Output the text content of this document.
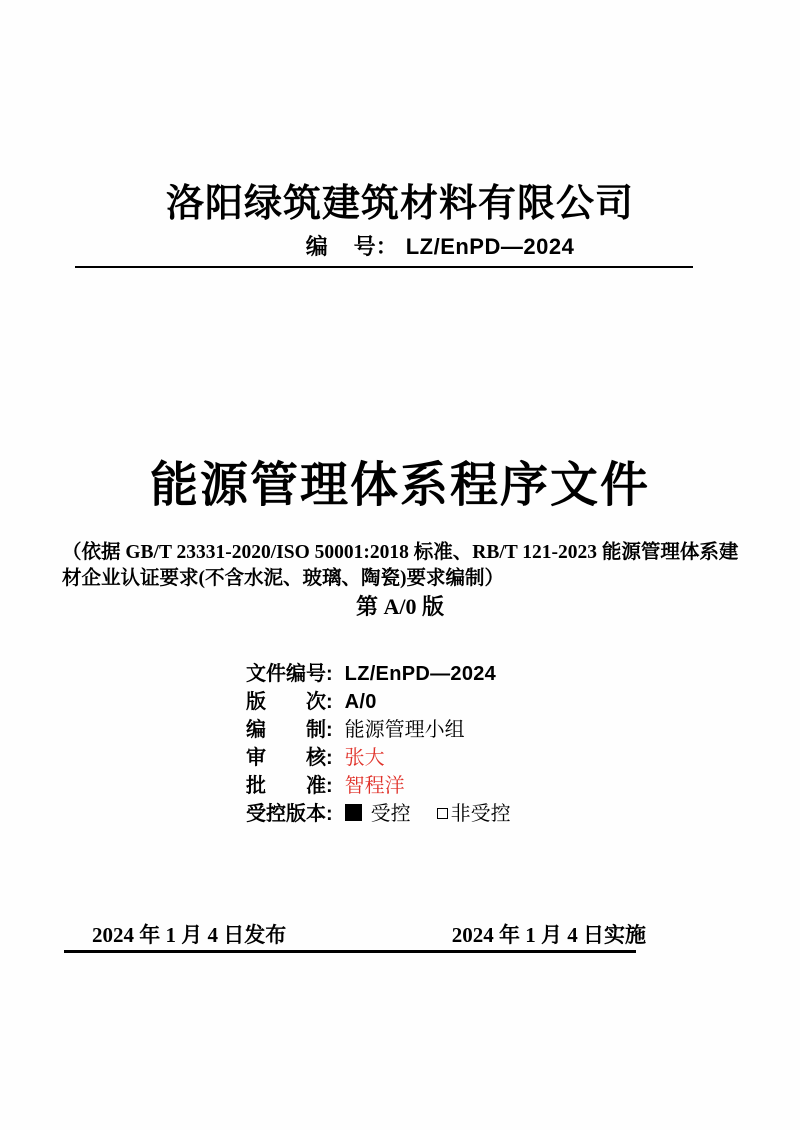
洛阳绿筑建筑材料有限公司
编号： LZ/EnPD—2024
能源管理体系程序文件
（依据 GB/T 23331-2020/ISO 50001:2018 标准、RB/T 121-2023 能源管理体系建
材企业认证要求(不含水泥、玻璃、陶瓷)要求编制）
第 A/0 版
文件编号: LZ/EnPD—2024
版次: A/0
编制: 能源管理小组
审核: 张大
批准: 智程洋
受控版本: 受控 非受控
2024 年 1 月 4 日发布	2024 年 1 月 4 日实施
